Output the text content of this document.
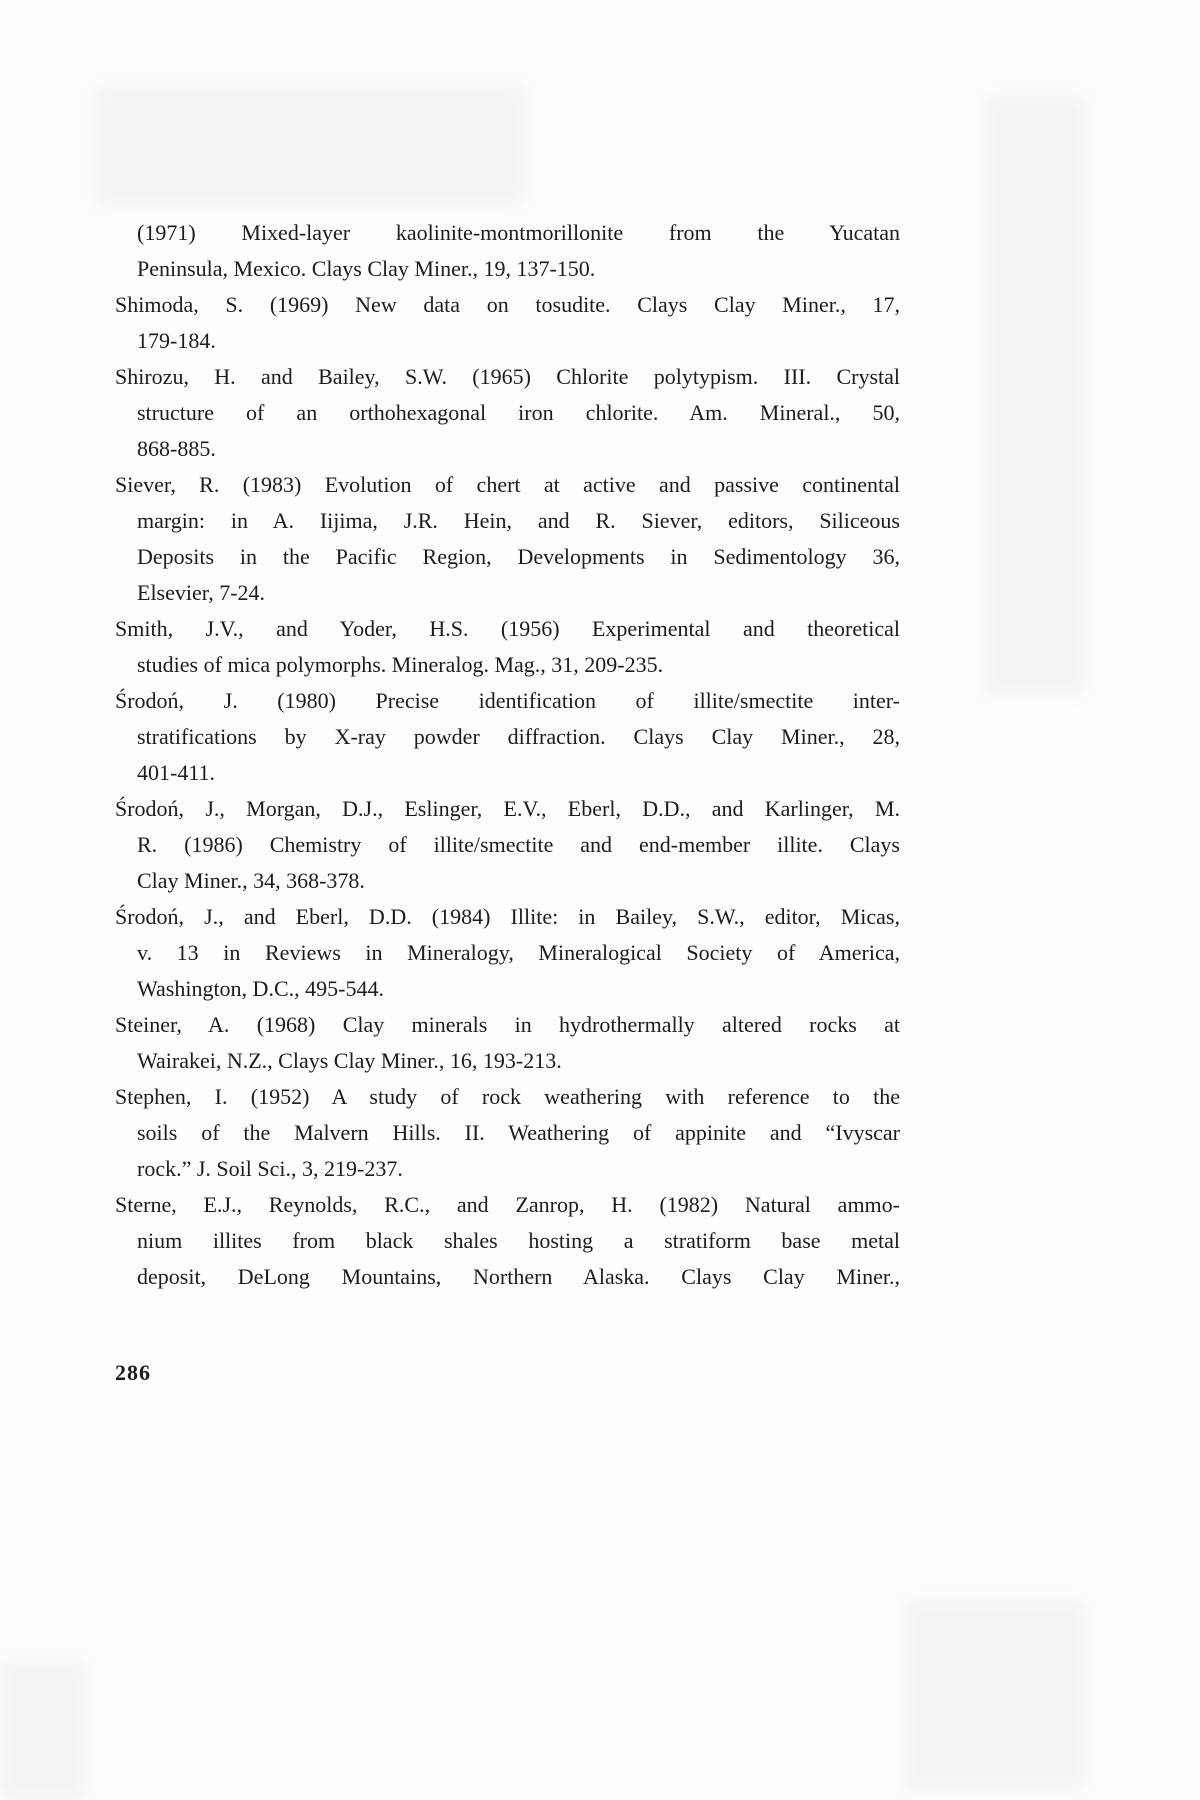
(1971) Mixed-layer kaolinite-montmorillonite from the Yucatan
Peninsula, Mexico. Clays Clay Miner., 19, 137-150.
Shimoda, S. (1969) New data on tosudite. Clays Clay Miner., 17,
179-184.
Shirozu, H. and Bailey, S.W. (1965) Chlorite polytypism. III. Crystal
structure of an orthohexagonal iron chlorite. Am. Mineral., 50,
868-885.
Siever, R. (1983) Evolution of chert at active and passive continental
margin: in A. Iijima, J.R. Hein, and R. Siever, editors, Siliceous
Deposits in the Pacific Region, Developments in Sedimentology 36,
Elsevier, 7-24.
Smith, J.V., and Yoder, H.S. (1956) Experimental and theoretical
studies of mica polymorphs. Mineralog. Mag., 31, 209-235.
Środoń, J. (1980) Precise identification of illite/smectite inter-
stratifications by X-ray powder diffraction. Clays Clay Miner., 28,
401-411.
Środoń, J., Morgan, D.J., Eslinger, E.V., Eberl, D.D., and Karlinger, M.
R. (1986) Chemistry of illite/smectite and end-member illite. Clays
Clay Miner., 34, 368-378.
Środoń, J., and Eberl, D.D. (1984) Illite: in Bailey, S.W., editor, Micas,
v. 13 in Reviews in Mineralogy, Mineralogical Society of America,
Washington, D.C., 495-544.
Steiner, A. (1968) Clay minerals in hydrothermally altered rocks at
Wairakei, N.Z., Clays Clay Miner., 16, 193-213.
Stephen, I. (1952) A study of rock weathering with reference to the
soils of the Malvern Hills. II. Weathering of appinite and “Ivyscar
rock.” J. Soil Sci., 3, 219-237.
Sterne, E.J., Reynolds, R.C., and Zanrop, H. (1982) Natural ammo-
nium illites from black shales hosting a stratiform base metal
deposit, DeLong Mountains, Northern Alaska. Clays Clay Miner.,
286
